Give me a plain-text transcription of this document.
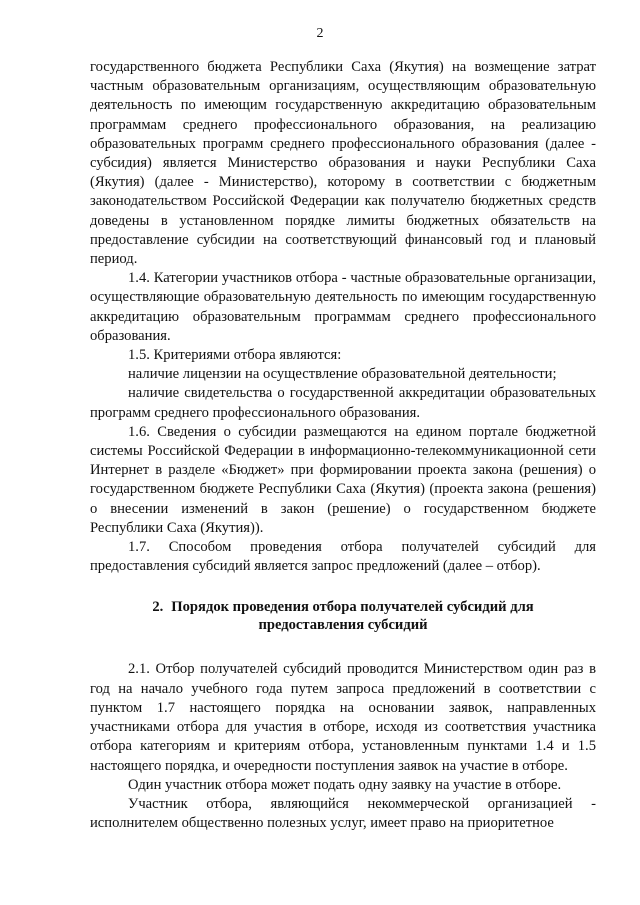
2

государственного бюджета Республики Саха (Якутия) на возмещение затрат частным образовательным организациям, осуществляющим образовательную деятельность по имеющим государственную аккредитацию образовательным программам среднего профессионального образования, на реализацию образовательных программ среднего профессионального образования (далее - субсидия) является Министерство образования и науки Республики Саха (Якутия) (далее - Министерство), которому в соответствии с бюджетным законодательством Российской Федерации как получателю бюджетных средств доведены в установленном порядке лимиты бюджетных обязательств на предоставление субсидии на соответствующий финансовый год и плановый период.

1.4. Категории участников отбора - частные образовательные организации, осуществляющие образовательную деятельность по имеющим государственную аккредитацию образовательным программам среднего профессионального образования.

1.5. Критериями отбора являются:

наличие лицензии на осуществление образовательной деятельности;

наличие свидетельства о государственной аккредитации образовательных программ среднего профессионального образования.

1.6. Сведения о субсидии размещаются на едином портале бюджетной системы Российской Федерации в информационно-телекоммуникационной сети Интернет в разделе «Бюджет» при формировании проекта закона (решения) о государственном бюджете Республики Саха (Якутия) (проекта закона (решения) о внесении изменений в закон (решение) о государственном бюджете Республики Саха (Якутия)).

1.7. Способом проведения отбора получателей субсидий для предоставления субсидий является запрос предложений (далее – отбор).

2. Порядок проведения отбора получателей субсидий для предоставления субсидий

2.1. Отбор получателей субсидий проводится Министерством один раз в год на начало учебного года путем запроса предложений в соответствии с пунктом 1.7 настоящего порядка на основании заявок, направленных участниками отбора для участия в отборе, исходя из соответствия участника отбора категориям и критериям отбора, установленным пунктами 1.4 и 1.5 настоящего порядка, и очередности поступления заявок на участие в отборе.

Один участник отбора может подать одну заявку на участие в отборе.

Участник отбора, являющийся некоммерческой организацией - исполнителем общественно полезных услуг, имеет право на приоритетное
